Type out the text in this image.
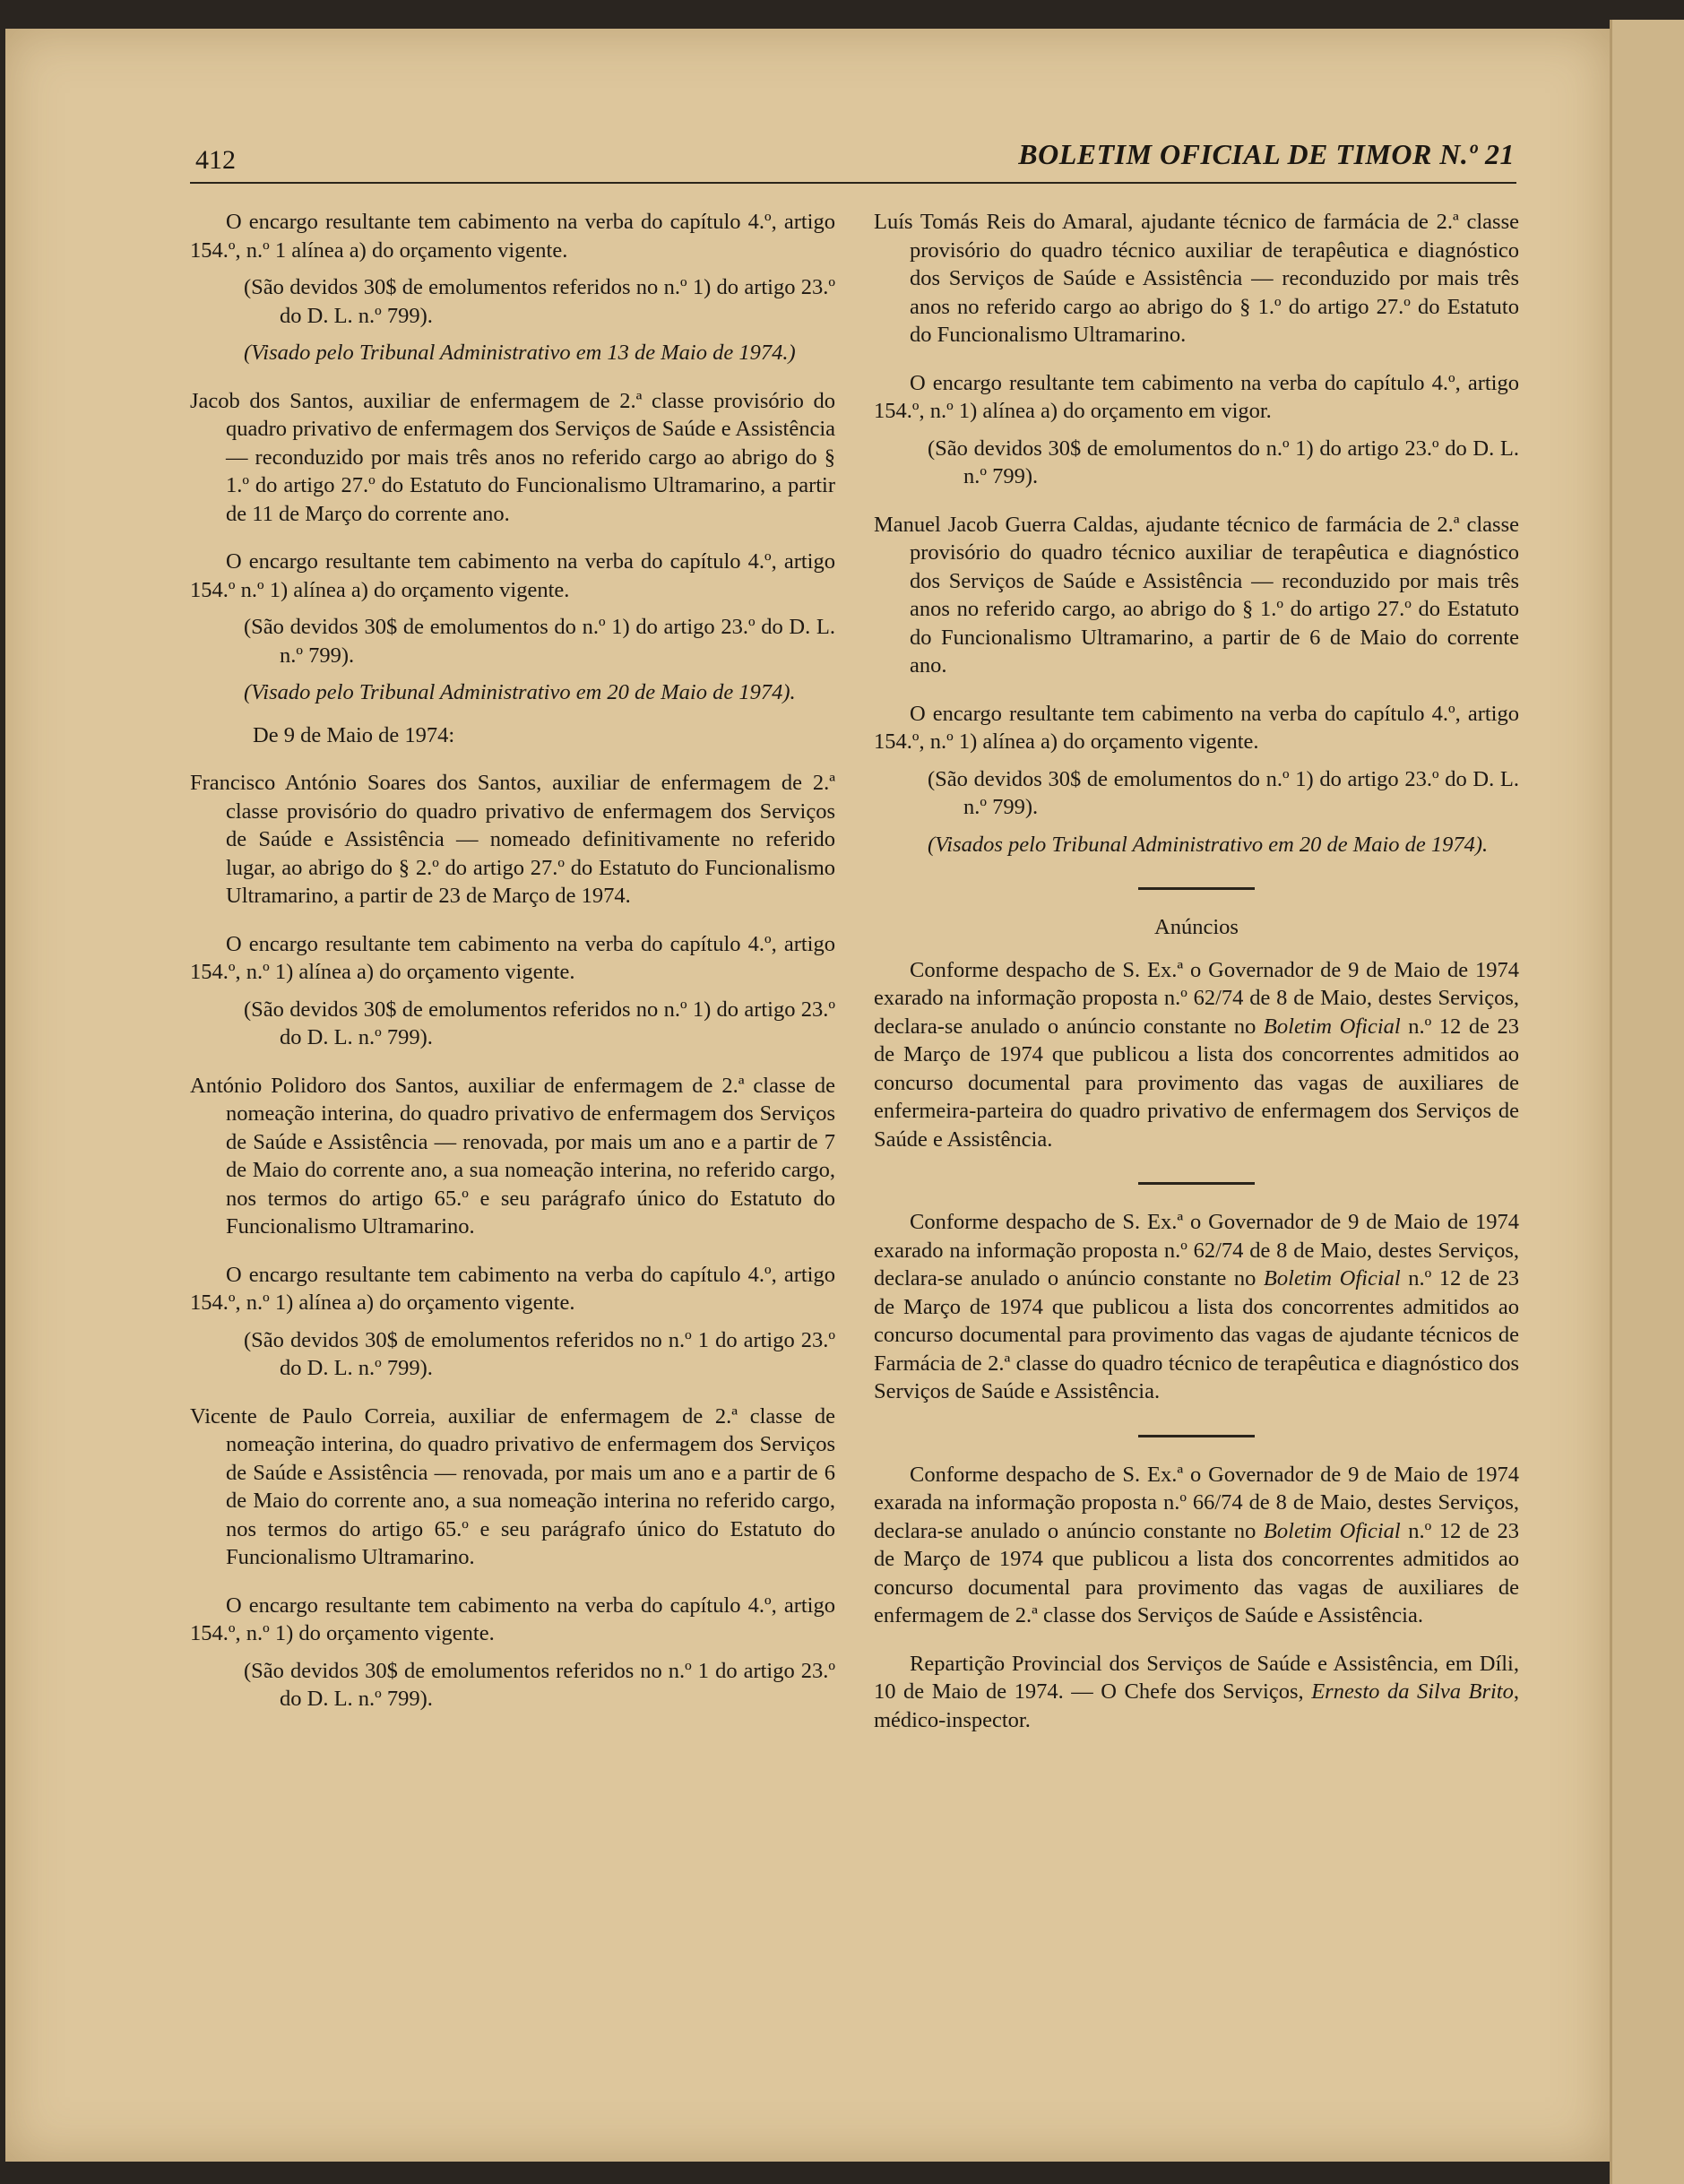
412	BOLETIM OFICIAL DE TIMOR N.º 21

O encargo resultante tem cabimento na verba do capítulo 4.º, artigo 154.º, n.º 1 alínea a) do orçamento vigente.

(São devidos 30$ de emolumentos referidos no n.º 1) do artigo 23.º do D. L. n.º 799).

(Visado pelo Tribunal Administrativo em 13 de Maio de 1974.)

Jacob dos Santos, auxiliar de enfermagem de 2.ª classe provisório do quadro privativo de enfermagem dos Serviços de Saúde e Assistência — reconduzido por mais três anos no referido cargo ao abrigo do § 1.º do artigo 27.º do Estatuto do Funcionalismo Ultramarino, a partir de 11 de Março do corrente ano.

O encargo resultante tem cabimento na verba do capítulo 4.º, artigo 154.º n.º 1) alínea a) do orçamento vigente.

(São devidos 30$ de emolumentos do n.º 1) do artigo 23.º do D. L. n.º 799).

(Visado pelo Tribunal Administrativo em 20 de Maio de 1974).

De 9 de Maio de 1974:

Francisco António Soares dos Santos, auxiliar de enfermagem de 2.ª classe provisório do quadro privativo de enfermagem dos Serviços de Saúde e Assistência — nomeado definitivamente no referido lugar, ao abrigo do § 2.º do artigo 27.º do Estatuto do Funcionalismo Ultramarino, a partir de 23 de Março de 1974.

O encargo resultante tem cabimento na verba do capítulo 4.º, artigo 154.º, n.º 1) alínea a) do orçamento vigente.

(São devidos 30$ de emolumentos referidos no n.º 1) do artigo 23.º do D. L. n.º 799).

António Polidoro dos Santos, auxiliar de enfermagem de 2.ª classe de nomeação interina, do quadro privativo de enfermagem dos Serviços de Saúde e Assistência — renovada, por mais um ano e a partir de 7 de Maio do corrente ano, a sua nomeação interina, no referido cargo, nos termos do artigo 65.º e seu parágrafo único do Estatuto do Funcionalismo Ultramarino.

O encargo resultante tem cabimento na verba do capítulo 4.º, artigo 154.º, n.º 1) alínea a) do orçamento vigente.

(São devidos 30$ de emolumentos referidos no n.º 1 do artigo 23.º do D. L. n.º 799).

Vicente de Paulo Correia, auxiliar de enfermagem de 2.ª classe de nomeação interina, do quadro privativo de enfermagem dos Serviços de Saúde e Assistência — renovada, por mais um ano e a partir de 6 de Maio do corrente ano, a sua nomeação interina no referido cargo, nos termos do artigo 65.º e seu parágrafo único do Estatuto do Funcionalismo Ultramarino.

O encargo resultante tem cabimento na verba do capítulo 4.º, artigo 154.º, n.º 1) do orçamento vigente.

(São devidos 30$ de emolumentos referidos no n.º 1 do artigo 23.º do D. L. n.º 799).

Luís Tomás Reis do Amaral, ajudante técnico de farmácia de 2.ª classe provisório do quadro técnico auxiliar de terapêutica e diagnóstico dos Serviços de Saúde e Assistência — reconduzido por mais três anos no referido cargo ao abrigo do § 1.º do artigo 27.º do Estatuto do Funcionalismo Ultramarino.

O encargo resultante tem cabimento na verba do capítulo 4.º, artigo 154.º, n.º 1) alínea a) do orçamento em vigor.

(São devidos 30$ de emolumentos do n.º 1) do artigo 23.º do D. L. n.º 799).

Manuel Jacob Guerra Caldas, ajudante técnico de farmácia de 2.ª classe provisório do quadro técnico auxiliar de terapêutica e diagnóstico dos Serviços de Saúde e Assistência — reconduzido por mais três anos no referido cargo, ao abrigo do § 1.º do artigo 27.º do Estatuto do Funcionalismo Ultramarino, a partir de 6 de Maio do corrente ano.

O encargo resultante tem cabimento na verba do capítulo 4.º, artigo 154.º, n.º 1) alínea a) do orçamento vigente.

(São devidos 30$ de emolumentos do n.º 1) do artigo 23.º do D. L. n.º 799).

(Visados pelo Tribunal Administrativo em 20 de Maio de 1974).

Anúncios

Conforme despacho de S. Ex.ª o Governador de 9 de Maio de 1974 exarado na informação proposta n.º 62/74 de 8 de Maio, destes Serviços, declara-se anulado o anúncio constante no Boletim Oficial n.º 12 de 23 de Março de 1974 que publicou a lista dos concorrentes admitidos ao concurso documental para provimento das vagas de auxiliares de enfermeira-parteira do quadro privativo de enfermagem dos Serviços de Saúde e Assistência.

Conforme despacho de S. Ex.ª o Governador de 9 de Maio de 1974 exarado na informação proposta n.º 62/74 de 8 de Maio, destes Serviços, declara-se anulado o anúncio constante no Boletim Oficial n.º 12 de 23 de Março de 1974 que publicou a lista dos concorrentes admitidos ao concurso documental para provimento das vagas de ajudante técnicos de Farmácia de 2.ª classe do quadro técnico de terapêutica e diagnóstico dos Serviços de Saúde e Assistência.

Conforme despacho de S. Ex.ª o Governador de 9 de Maio de 1974 exarada na informação proposta n.º 66/74 de 8 de Maio, destes Serviços, declara-se anulado o anúncio constante no Boletim Oficial n.º 12 de 23 de Março de 1974 que publicou a lista dos concorrentes admitidos ao concurso documental para provimento das vagas de auxiliares de enfermagem de 2.ª classe dos Serviços de Saúde e Assistência.

Repartição Provincial dos Serviços de Saúde e Assistência, em Díli, 10 de Maio de 1974. — O Chefe dos Serviços, Ernesto da Silva Brito, médico-inspector.
